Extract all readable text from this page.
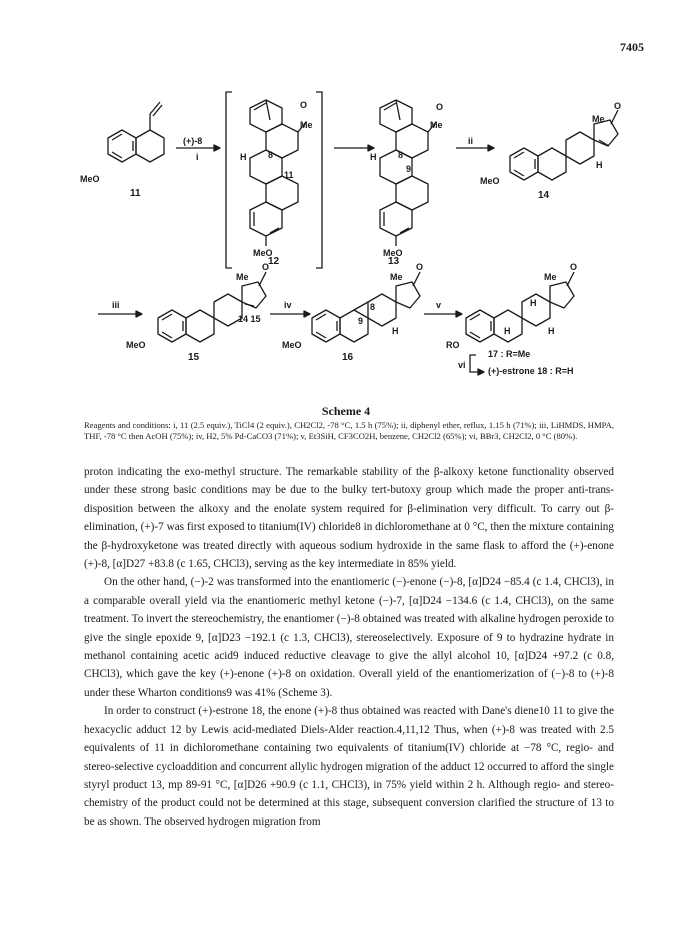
7405
11
12	13
14
15	16	17 : R=Me
(+)-estrone 18 : R=H
(+)-8
i
ii
iii	iv	v
vi
MeO
MeO	MeO
MeO
MeO	MeO	RO
Me	Me
Me
Me	Me	Me
O	O	O
O	O	O
H	H
H
H	H
H
H
8
11
8
9
14 15
8
9
Scheme 4
Reagents and conditions: i, 11 (2.5 equiv.), TiCl4 (2 equiv.), CH2Cl2, -78 °C, 1.5 h (75%); ii, diphenyl ether, reflux, 1.15 h (71%); iii, LiHMDS, HMPA, THF, -78 °C then AcOH (75%); iv, H2, 5% Pd-CaCO3 (71%); v, Et3SiH, CF3CO2H, benzene, CH2Cl2 (65%); vi, BBr3, CH2Cl2, 0 °C (80%).

proton indicating the exo-methyl structure. The remarkable stability of the β-alkoxy ketone functionality observed under these strong basic conditions may be due to the bulky tert-butoxy group which made the proper anti-trans-disposition between the alkoxy and the enolate system required for β-elimination very difficult. To carry out β-elimination, (+)-7 was first exposed to titanium(IV) chloride8 in dichloromethane at 0 °C, then the mixture containing the β-hydroxyketone was treated directly with aqueous sodium hydroxide in the same flask to afford the (+)-enone (+)-8, [α]D27 +83.8 (c 1.65, CHCl3), serving as the key intermediate in 85% yield.

On the other hand, (−)-2 was transformed into the enantiomeric (−)-enone (−)-8, [α]D24 −85.4 (c 1.4, CHCl3), in a comparable overall yield via the enantiomeric methyl ketone (−)-7, [α]D24 −134.6 (c 1.4, CHCl3), on the same treatment. To invert the stereochemistry, the enantiomer (−)-8 obtained was treated with alkaline hydrogen peroxide to give the single epoxide 9, [α]D23 −192.1 (c 1.3, CHCl3), stereoselectively. Exposure of 9 to hydrazine hydrate in methanol containing acetic acid9 induced reductive cleavage to give the allyl alcohol 10, [α]D24 +97.2 (c 0.8, CHCl3), which gave the key (+)-enone (+)-8 on oxidation. Overall yield of the enantiomerization of (−)-8 to (+)-8 under these Wharton conditions9 was 41% (Scheme 3).

In order to construct (+)-estrone 18, the enone (+)-8 thus obtained was reacted with Dane's diene10 11 to give the hexacyclic adduct 12 by Lewis acid-mediated Diels-Alder reaction.4,11,12 Thus, when (+)-8 was treated with 2.5 equivalents of 11 in dichloromethane containing two equivalents of titanium(IV) chloride at −78 °C, regio- and stereo-selective cycloaddition and concurrent allylic hydrogen migration of the adduct 12 occurred to afford the single styryl product 13, mp 89-91 °C, [α]D26 +90.9 (c 1.1, CHCl3), in 75% yield within 2 h. Although regio- and stereo-chemistry of the product could not be determined at this stage, subsequent conversion clarified the structure of 13 to be as shown. The observed hydrogen migration from
